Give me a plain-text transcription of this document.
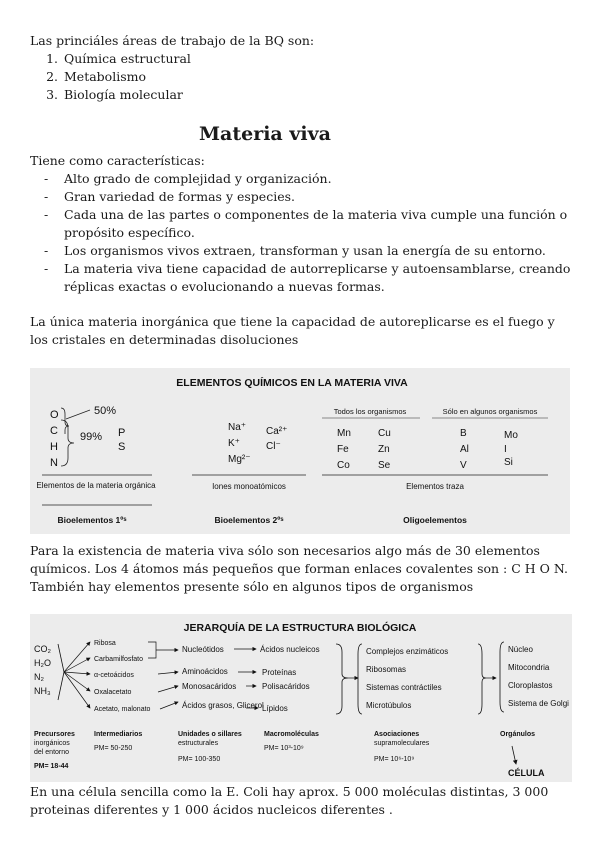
Las princiáles áreas de trabajo de la BQ son:
1. Química estructural
2. Metabolismo
3. Biología molecular
Materia viva
Tiene como características:
- Alto grado de complejidad y organización.
- Gran variedad de formas y especies.
- Cada una de las partes o componentes de la materia viva cumple una función o propósito específico.
- Los organismos vivos extraen, transforman y usan la energía de su entorno.
- La materia viva tiene capacidad de autorreplicarse y autoensamblarse, creando réplicas exactas o evolucionando a nuevas formas.
La única materia inorgánica que tiene la capacidad de autoreplicarse es el fuego y los cristales en determinadas disoluciones
ELEMENTOS QUÍMICOS EN LA MATERIA VIVA
O
C
H
N
50%
99% P
S
Elementos de la materia orgánica
Bioelementos 1ºˢ
Na⁺
K⁺
Mg²⁻
Ca²⁺
Cl⁻
Iones monoatómicos
Bioelementos 2ºˢ
Todos los organismos
Mn	Cu
Fe	Zn
Co	Se
Sólo en algunos organismos
B	Mo
Al	I
V	Si
Elementos traza
Oligoelementos
Para la existencia de materia viva sólo son necesarios algo más de 30 elementos químicos. Los 4 átomos más pequeños que forman enlaces covalentes son : C H O N. También hay elementos presente sólo en algunos tipos de organismos
JERARQUÍA DE LA ESTRUCTURA BIOLÓGICA
CO₂
H₂O
N₂
NH₃
Ribosa
Carbamilfosfato
α-cetoácidos
Oxalacetato
Acetato, malonato
Nucleótidos
Aminoácidos
Monosacáridos
Ácidos grasos, Glicerol
Ácidos nucleicos
Proteínas
Polisacáridos
Lípidos
Complejos enzimáticos
Ribosomas
Sistemas contráctiles
Microtúbulos
Núcleo
Mitocondria
Cloroplastos
Sistema de Golgi
Precursores
inorgánicos
del entorno
PM= 18-44
Intermediarios
PM= 50-250
Unidades o sillares
estructurales
PM= 100-350
Macromoléculas
PM= 10³-10⁹
Asociaciones
supramoleculares
PM= 10⁶-10⁹
Orgánulos
CÉLULA
En una célula sencilla como la E. Coli hay aprox. 5 000 moléculas distintas, 3 000 proteinas diferentes y 1 000 ácidos nucleicos diferentes .
